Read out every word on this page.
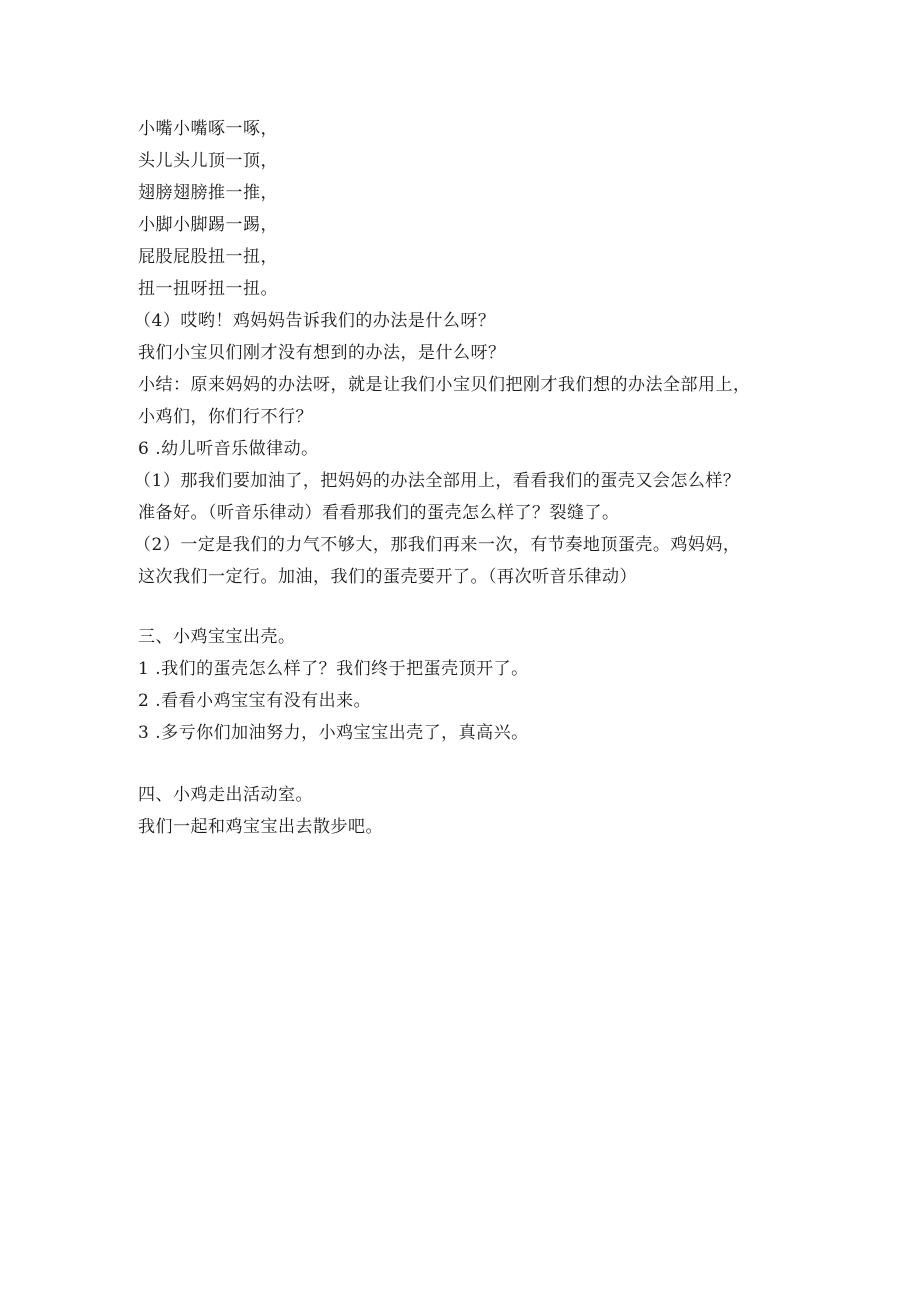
小嘴小嘴啄一啄，
头儿头儿顶一顶，
翅膀翅膀推一推，
小脚小脚踢一踢，
屁股屁股扭一扭，
扭一扭呀扭一扭。
（4）哎哟！鸡妈妈告诉我们的办法是什么呀？
我们小宝贝们刚才没有想到的办法，是什么呀？
小结：原来妈妈的办法呀，就是让我们小宝贝们把刚才我们想的办法全部用上，
小鸡们，你们行不行？
6 .幼儿听音乐做律动。
（1）那我们要加油了，把妈妈的办法全部用上，看看我们的蛋壳又会怎么样？
准备好。（听音乐律动）看看那我们的蛋壳怎么样了？裂缝了。
（2）一定是我们的力气不够大，那我们再来一次，有节奏地顶蛋壳。鸡妈妈，
这次我们一定行。加油，我们的蛋壳要开了。（再次听音乐律动）
三、小鸡宝宝出壳。
1 .我们的蛋壳怎么样了？我们终于把蛋壳顶开了。
2 .看看小鸡宝宝有没有出来。
3 .多亏你们加油努力，小鸡宝宝出壳了，真高兴。
四、小鸡走出活动室。
我们一起和鸡宝宝出去散步吧。
